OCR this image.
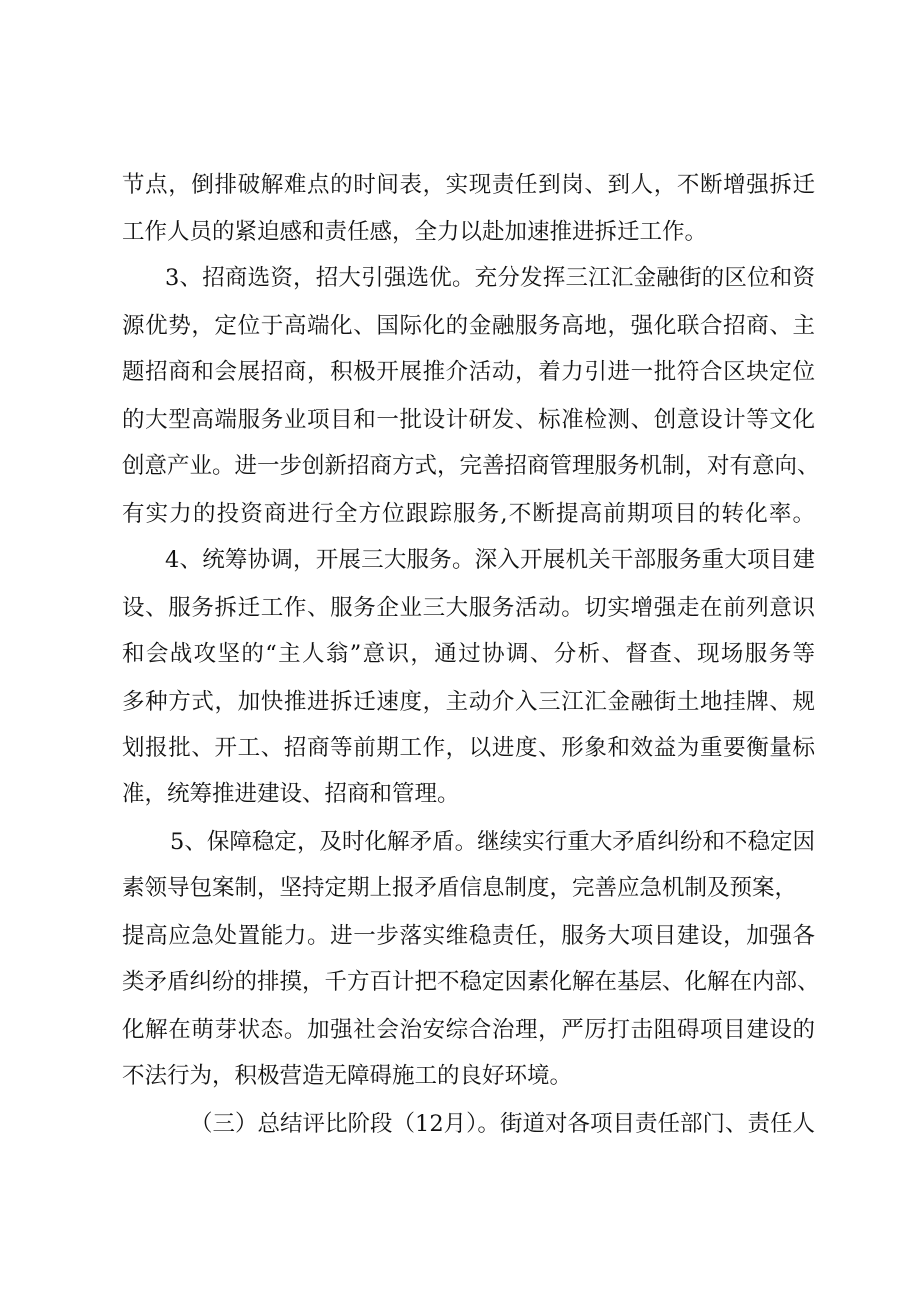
节点，倒排破解难点的时间表，实现责任到岗、到人，不断增强拆迁
工作人员的紧迫感和责任感，全力以赴加速推进拆迁工作。
3、招商选资，招大引强选优。充分发挥三江汇金融街的区位和资
源优势，定位于高端化、国际化的金融服务高地，强化联合招商、主
题招商和会展招商，积极开展推介活动，着力引进一批符合区块定位
的大型高端服务业项目和一批设计研发、标准检测、创意设计等文化
创意产业。进一步创新招商方式，完善招商管理服务机制，对有意向、
有实力的投资商进行全方位跟踪服务,不断提高前期项目的转化率。
4、统筹协调，开展三大服务。深入开展机关干部服务重大项目建
设、服务拆迁工作、服务企业三大服务活动。切实增强走在前列意识
和会战攻坚的“主人翁”意识，通过协调、分析、督查、现场服务等
多种方式，加快推进拆迁速度，主动介入三江汇金融街土地挂牌、规
划报批、开工、招商等前期工作，以进度、形象和效益为重要衡量标
准，统筹推进建设、招商和管理。
5、保障稳定，及时化解矛盾。继续实行重大矛盾纠纷和不稳定因
素领导包案制，坚持定期上报矛盾信息制度，完善应急机制及预案，
提高应急处置能力。进一步落实维稳责任，服务大项目建设，加强各
类矛盾纠纷的排摸，千方百计把不稳定因素化解在基层、化解在内部、
化解在萌芽状态。加强社会治安综合治理，严厉打击阻碍项目建设的
不法行为，积极营造无障碍施工的良好环境。
（三）总结评比阶段（12月）。街道对各项目责任部门、责任人
